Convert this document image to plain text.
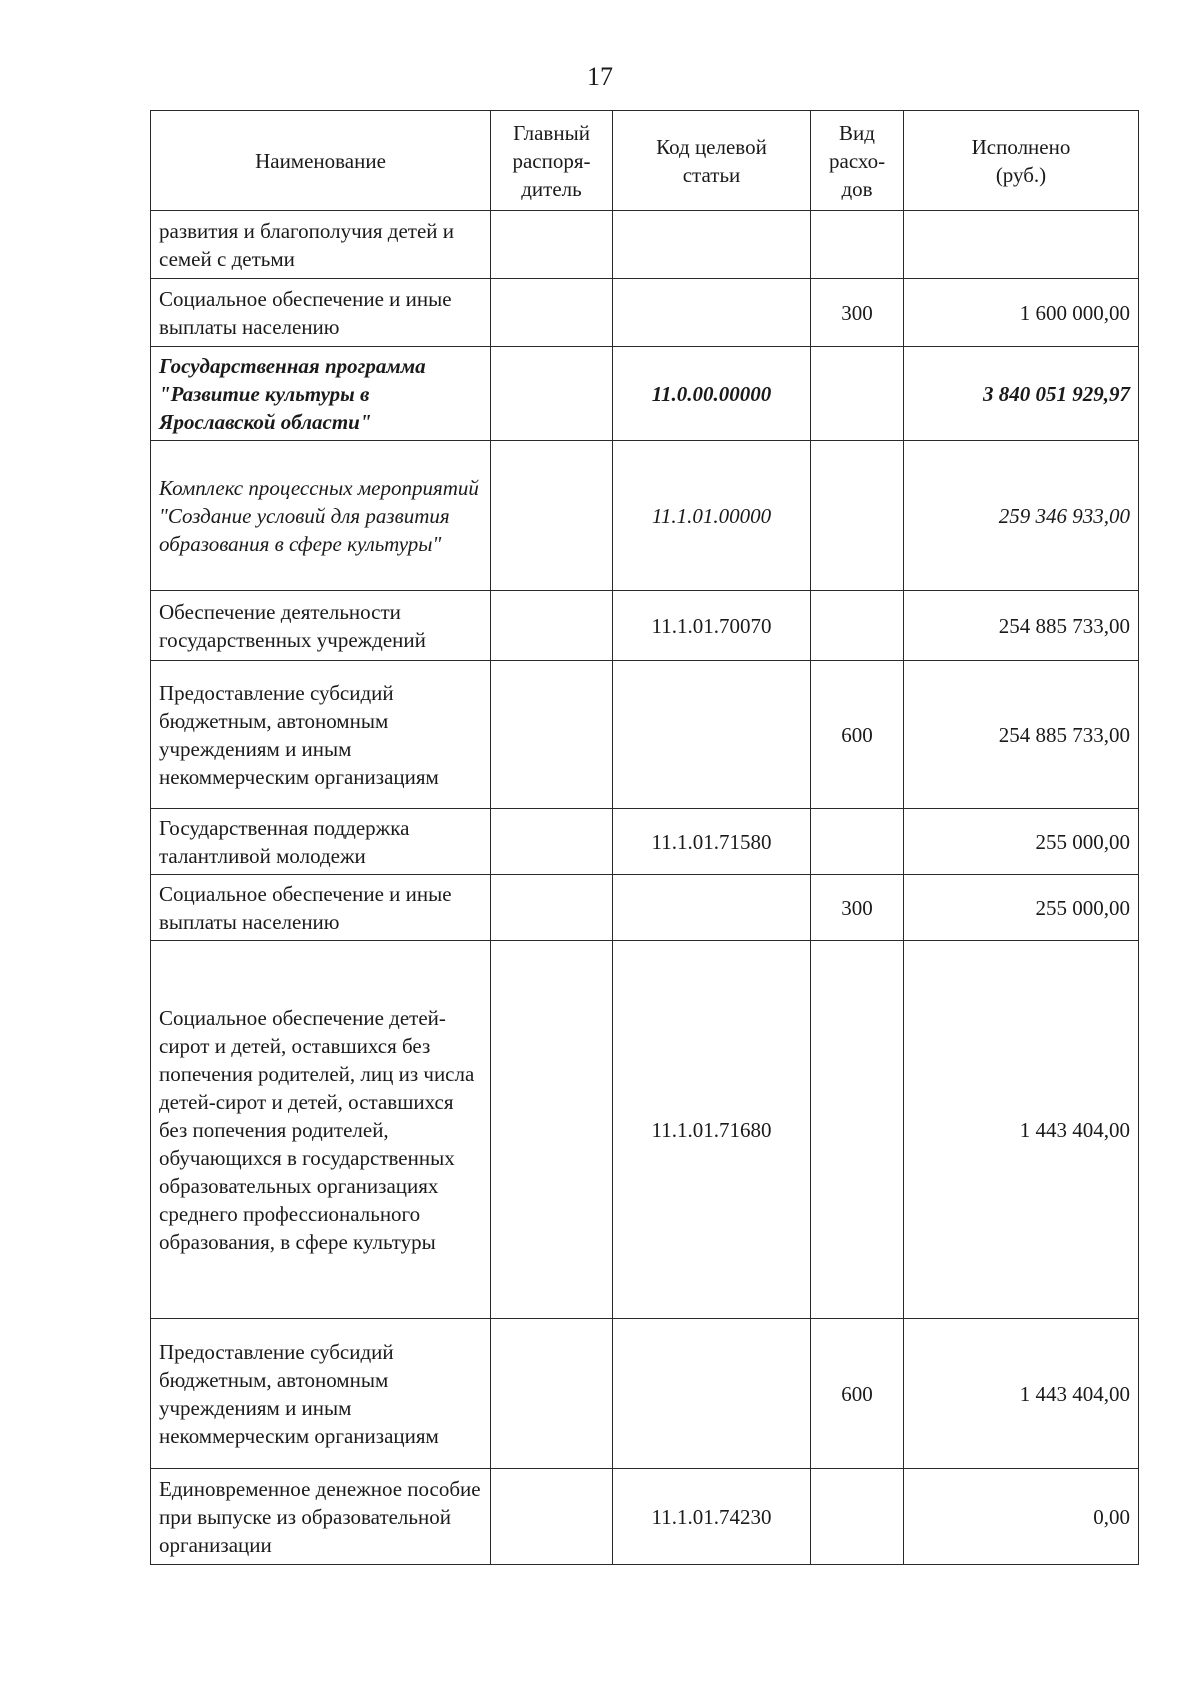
17
Наименование	Главный распоря-дитель	Код целевой статьи	Вид расхо-дов	Исполнено (руб.)

развития и благополучия детей и семей с детьми				
Социальное обеспечение и иные выплаты населению			300	1 600 000,00
Государственная программа "Развитие культуры в Ярославской области"		11.0.00.00000		3 840 051 929,97
Комплекс процессных мероприятий "Создание условий для развития образования в сфере культуры"		11.1.01.00000		259 346 933,00
Обеспечение деятельности государственных учреждений		11.1.01.70070		254 885 733,00
Предоставление субсидий бюджетным, автономным учреждениям и иным некоммерческим организациям			600	254 885 733,00
Государственная поддержка талантливой молодежи		11.1.01.71580		255 000,00
Социальное обеспечение и иные выплаты населению			300	255 000,00
Социальное обеспечение детей-сирот и детей, оставшихся без попечения родителей, лиц из числа детей-сирот и детей, оставшихся без попечения родителей, обучающихся в государственных образовательных организациях среднего профессионального образования, в сфере культуры		11.1.01.71680		1 443 404,00
Предоставление субсидий бюджетным, автономным учреждениям и иным некоммерческим организациям			600	1 443 404,00
Единовременное денежное пособие при выпуске из образовательной организации		11.1.01.74230		0,00
